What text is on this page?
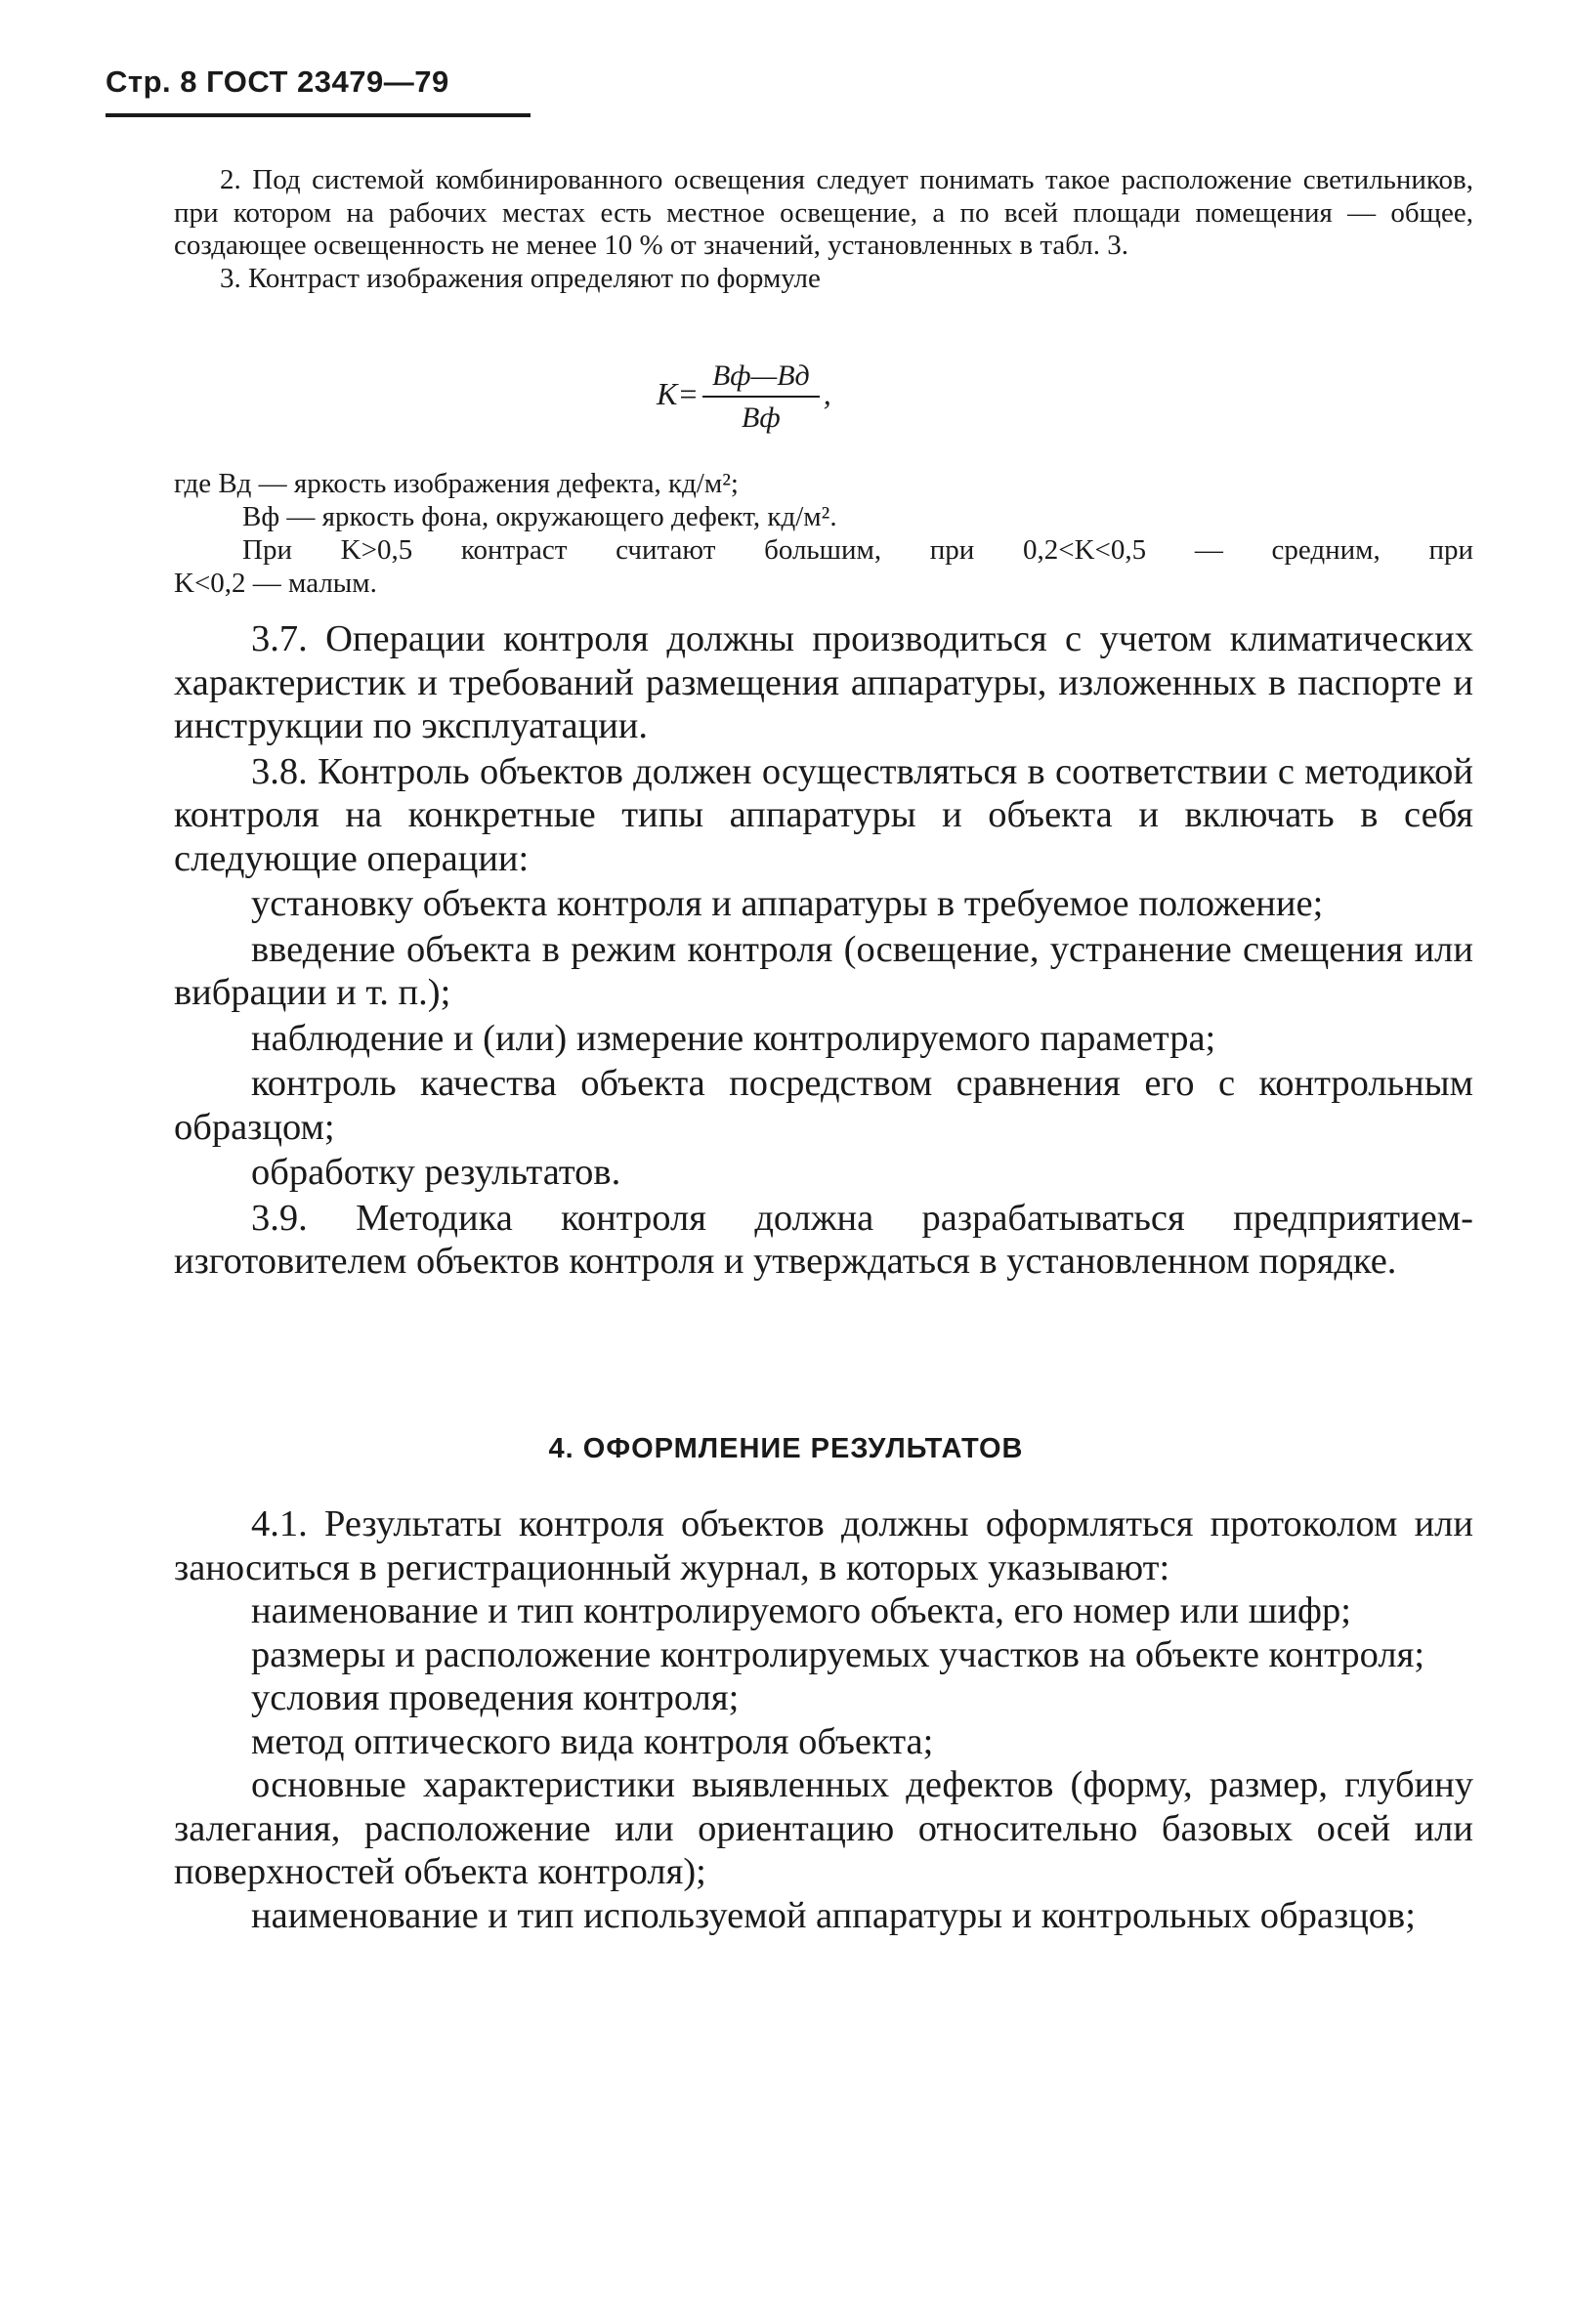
Стр. 8 ГОСТ 23479—79

2. Под системой комбинированного освещения следует понимать такое расположение светильников, при котором на рабочих местах есть местное освещение, а по всей площади помещения — общее, создающее освещенность не менее 10 % от значений, установленных в табл. 3.

3. Контраст изображения определяют по формуле

$K= \frac{Bф—Bд}{Bф}$ ,

где Bд — яркость изображения дефекта, кд/м²;

Bф — яркость фона, окружающего дефект, кд/м².

При K>0,5 контраст считают большим, при 0,2<K<0,5 — средним, при

K<0,2 — малым.

3.7. Операции контроля должны производиться с учетом климатических характеристик и требований размещения аппаратуры, изложенных в паспорте и инструкции по эксплуатации.

3.8. Контроль объектов должен осуществляться в соответствии с методикой контроля на конкретные типы аппаратуры и объекта и включать в себя следующие операции:

установку объекта контроля и аппаратуры в требуемое положение;

введение объекта в режим контроля (освещение, устранение смещения или вибрации и т. п.);

наблюдение и (или) измерение контролируемого параметра;

контроль качества объекта посредством сравнения его с контрольным образцом;

обработку результатов.

3.9. Методика контроля должна разрабатываться предприятием-изготовителем объектов контроля и утверждаться в установленном порядке.

4. ОФОРМЛЕНИЕ РЕЗУЛЬТАТОВ

4.1. Результаты контроля объектов должны оформляться протоколом или заноситься в регистрационный журнал, в которых указывают:

наименование и тип контролируемого объекта, его номер или шифр;

размеры и расположение контролируемых участков на объекте контроля;

условия проведения контроля;

метод оптического вида контроля объекта;

основные характеристики выявленных дефектов (форму, размер, глубину залегания, расположение или ориентацию относительно базовых осей или поверхностей объекта контроля);

наименование и тип используемой аппаратуры и контрольных образцов;
